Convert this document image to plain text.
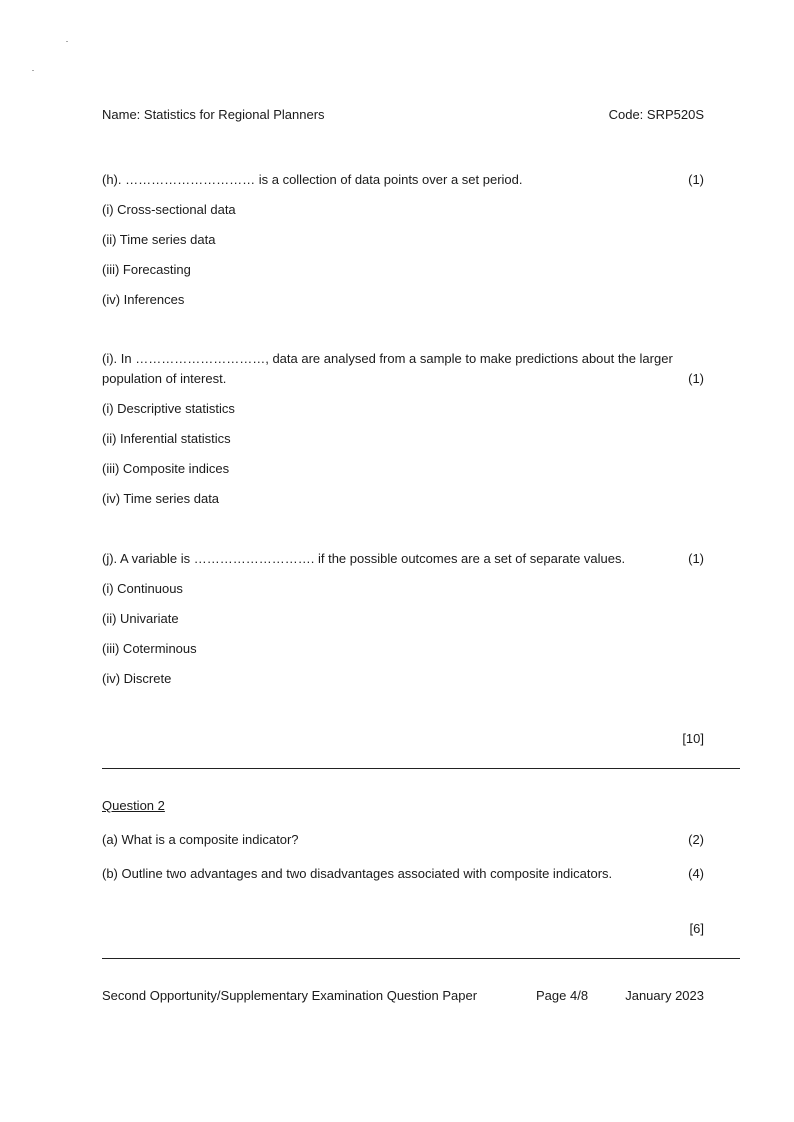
Name: Statistics for Regional Planners	Code: SRP520S
(h). ………………………… is a collection of data points over a set period.	(1)
(i) Cross-sectional data
(ii) Time series data
(iii) Forecasting
(iv) Inferences
(i). In …………………………, data are analysed from a sample to make predictions about the larger
population of interest.	(1)
(i) Descriptive statistics
(ii) Inferential statistics
(iii) Composite indices
(iv) Time series data
(j). A variable is ………………………. if the possible outcomes are a set of separate values.	(1)
(i) Continuous
(ii) Univariate
(iii) Coterminous
(iv) Discrete
[10]
Question 2
(a) What is a composite indicator?	(2)
(b) Outline two advantages and two disadvantages associated with composite indicators.	(4)
[6]
Second Opportunity/Supplementary Examination Question Paper	Page 4/8	January 2023
